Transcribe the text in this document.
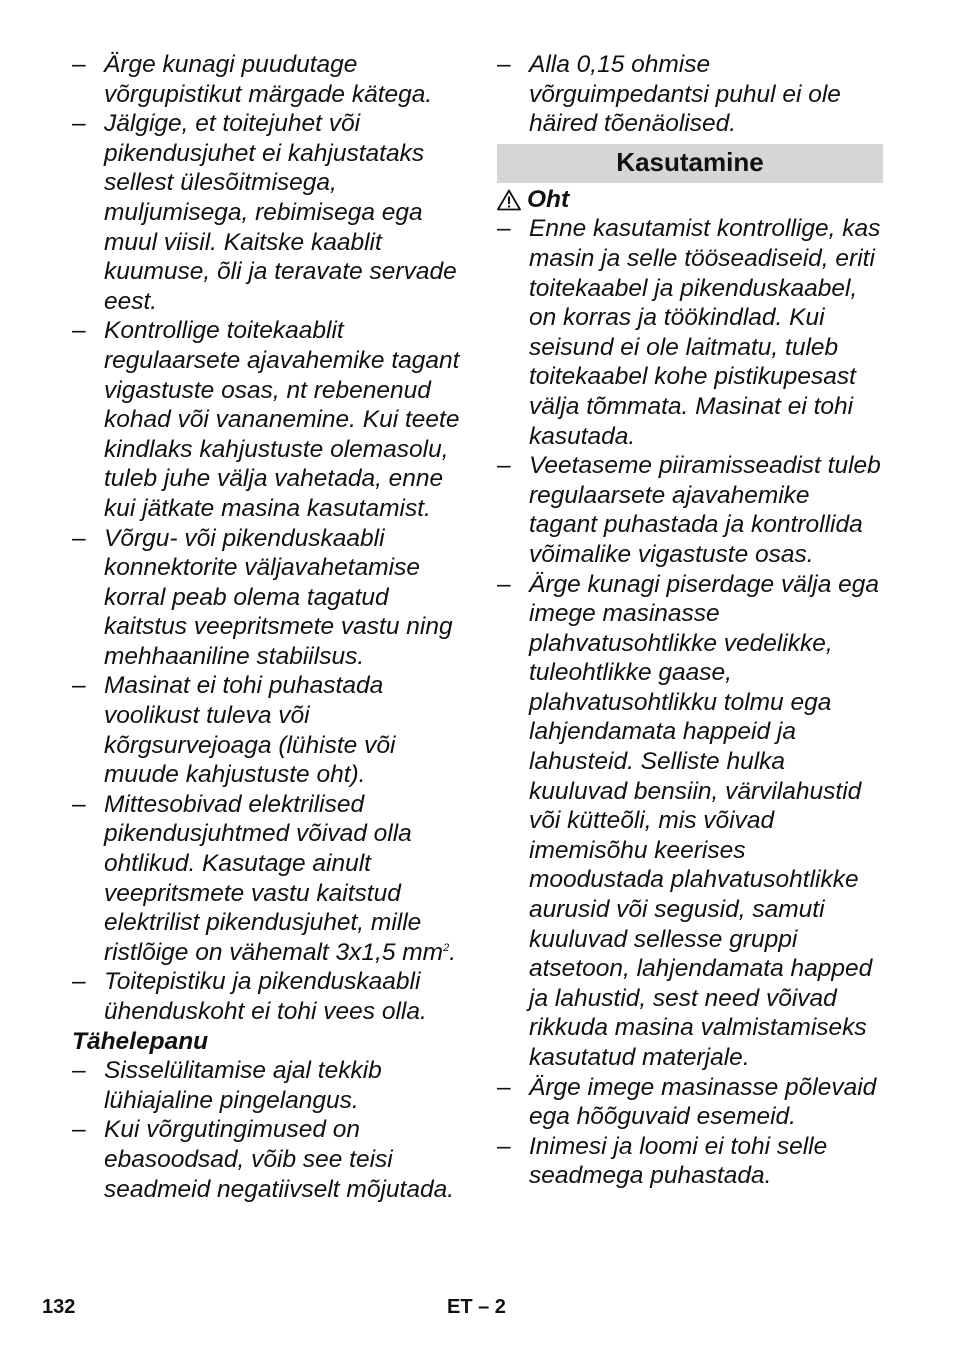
– Ärge kunagi puudutage võrgupistikut märgade kätega.
– Jälgige, et toitejuhet või pikendusjuhet ei kahjustataks sellest ülesõitmisega, muljumisega, rebimisega ega muul viisil. Kaitske kaablit kuumuse, õli ja teravate servade eest.
– Kontrollige toitekaablit regulaarsete ajavahemike tagant vigastuste osas, nt rebenenud kohad või vananemine. Kui teete kindlaks kahjustuste olemasolu, tuleb juhe välja vahetada, enne kui jätkate masina kasutamist.
– Võrgu- või pikenduskaabli konnektorite väljavahetamise korral peab olema tagatud kaitstus veepritsmete vastu ning mehhaaniline stabiilsus.
– Masinat ei tohi puhastada voolikust tuleva või kõrgsurvejoaga (lühiste või muude kahjustuste oht).
– Mittesobivad elektrilised pikendusjuhtmed võivad olla ohtlikud. Kasutage ainult veepritsmete vastu kaitstud elektrilist pikendusjuhet, mille ristlõige on vähemalt 3x1,5 $mm^2$.
– Toitepistiku ja pikenduskaabli ühenduskoht ei tohi vees olla.
Tähelepanu
– Sisselülitamise ajal tekkib lühiajaline pingelangus.
– Kui võrgutingimused on ebasoodsad, võib see teisi seadmeid negatiivselt mõjutada.
– Alla 0,15 ohmise võrguimpedantsi puhul ei ole häired tõenäolised.
Kasutamine
Oht
– Enne kasutamist kontrollige, kas masin ja selle tööseadiseid, eriti toitekaabel ja pikenduskaabel, on korras ja töökindlad. Kui seisund ei ole laitmatu, tuleb toitekaabel kohe pistikupesast välja tõmmata. Masinat ei tohi kasutada.
– Veetaseme piiramisseadist tuleb regulaarsete ajavahemike tagant puhastada ja kontrollida võimalike vigastuste osas.
– Ärge kunagi piserdage välja ega imege masinasse plahvatusohtlikke vedelikke, tuleohtlikke gaase, plahvatusohtlikku tolmu ega lahjendamata happeid ja lahusteid. Selliste hulka kuuluvad bensiin, värvilahustid või kütteõli, mis võivad imemisõhu keerises moodustada plahvatusohtlikke aurusid või segusid, samuti kuuluvad sellesse gruppi atsetoon, lahjendamata happed ja lahustid, sest need võivad rikkuda masina valmistamiseks kasutatud materjale.
– Ärge imege masinasse põlevaid ega hõõguvaid esemeid.
– Inimesi ja loomi ei tohi selle seadmega puhastada.
132	ET – 2
